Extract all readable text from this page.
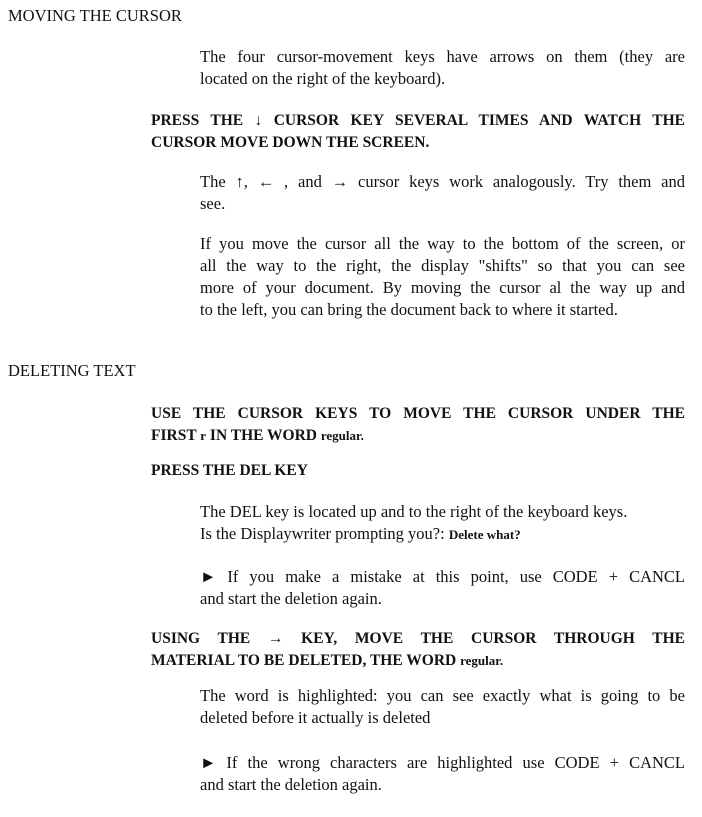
MOVING THE CURSOR
The four cursor-movement keys have arrows on them (they are
located on the right of the keyboard).
PRESS THE ↓ CURSOR KEY SEVERAL TIMES AND WATCH THE
CURSOR MOVE DOWN THE SCREEN.
The ↑, ← , and → cursor keys work analogously. Try them and
see.
If you move the cursor all the way to the bottom of the screen, or
all the way to the right, the display "shifts" so that you can see
more of your document. By moving the cursor al the way up and
to the left, you can bring the document back to where it started.
DELETING TEXT
USE THE CURSOR KEYS TO MOVE THE CURSOR UNDER THE
FIRST r IN THE WORD regular.
PRESS THE DEL KEY
The DEL key is located up and to the right of the keyboard keys.
Is the Displaywriter prompting you?: Delete what?
► If you make a mistake at this point, use CODE + CANCL
and start the deletion again.
USING THE → KEY, MOVE THE CURSOR THROUGH THE
MATERIAL TO BE DELETED, THE WORD regular.
The word is highlighted: you can see exactly what is going to be
deleted before it actually is deleted
► If the wrong characters are highlighted use CODE + CANCL
and start the deletion again.
